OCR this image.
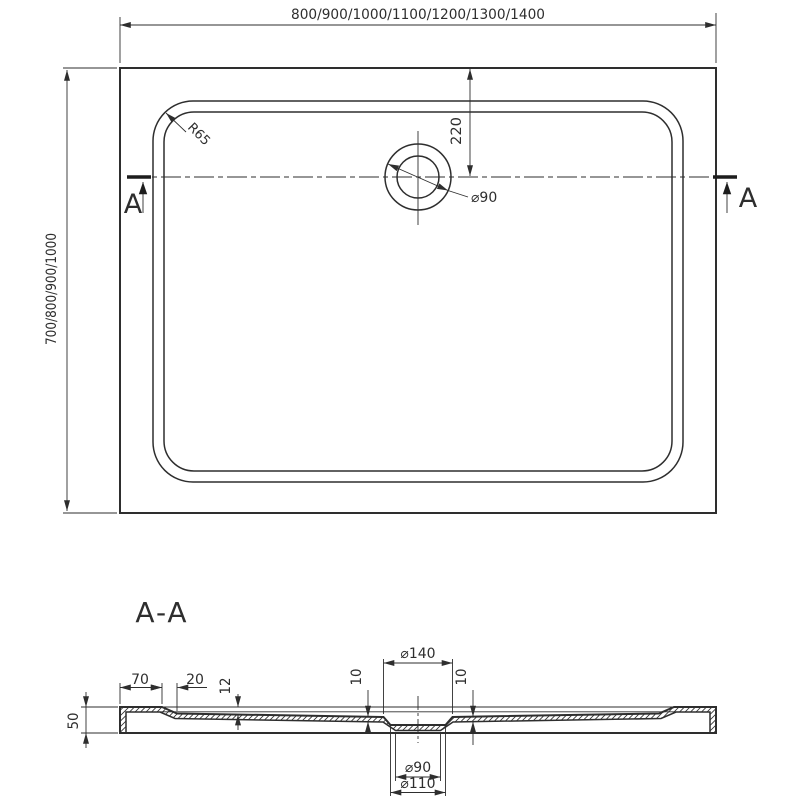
800/900/1000/1100/1200/1300/1400
700/800/900/1000
R65	220
⌀90
A	A
A-A
50
70	20 12
10
⌀140
10
⌀90
⌀110
